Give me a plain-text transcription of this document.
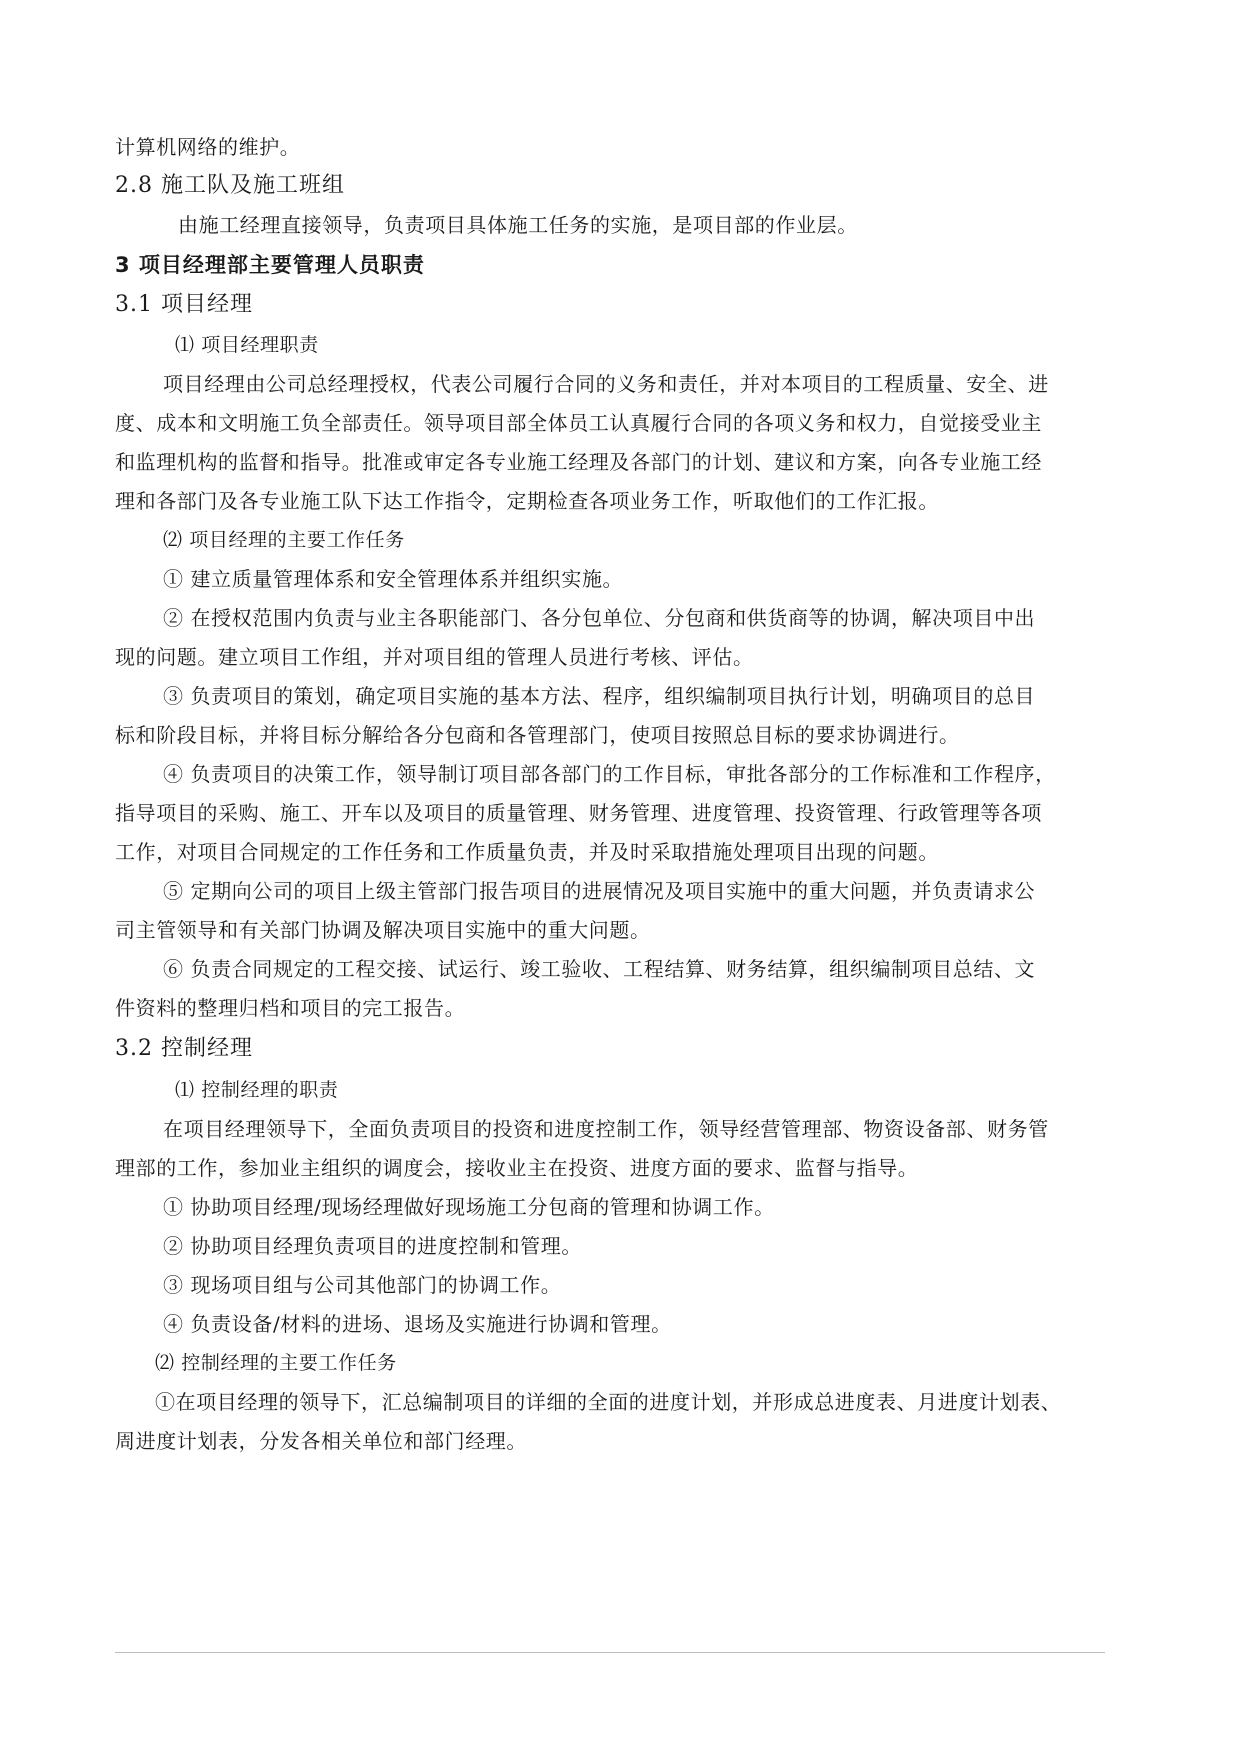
计算机网络的维护。
2.8 施工队及施工班组
由施工经理直接领导，负责项目具体施工任务的实施，是项目部的作业层。
3 项目经理部主要管理人员职责
3.1 项目经理
⑴ 项目经理职责
项目经理由公司总经理授权，代表公司履行合同的义务和责任，并对本项目的工程质量、安全、进
度、成本和文明施工负全部责任。领导项目部全体员工认真履行合同的各项义务和权力，自觉接受业主
和监理机构的监督和指导。批准或审定各专业施工经理及各部门的计划、建议和方案，向各专业施工经
理和各部门及各专业施工队下达工作指令，定期检查各项业务工作，听取他们的工作汇报。
⑵ 项目经理的主要工作任务
① 建立质量管理体系和安全管理体系并组织实施。
② 在授权范围内负责与业主各职能部门、各分包单位、分包商和供货商等的协调，解决项目中出
现的问题。建立项目工作组，并对项目组的管理人员进行考核、评估。
③ 负责项目的策划，确定项目实施的基本方法、程序，组织编制项目执行计划，明确项目的总目
标和阶段目标，并将目标分解给各分包商和各管理部门，使项目按照总目标的要求协调进行。
④ 负责项目的决策工作，领导制订项目部各部门的工作目标，审批各部分的工作标准和工作程序，
指导项目的采购、施工、开车以及项目的质量管理、财务管理、进度管理、投资管理、行政管理等各项
工作，对项目合同规定的工作任务和工作质量负责，并及时采取措施处理项目出现的问题。
⑤ 定期向公司的项目上级主管部门报告项目的进展情况及项目实施中的重大问题，并负责请求公
司主管领导和有关部门协调及解决项目实施中的重大问题。
⑥ 负责合同规定的工程交接、试运行、竣工验收、工程结算、财务结算，组织编制项目总结、文
件资料的整理归档和项目的完工报告。
3.2 控制经理
⑴ 控制经理的职责
在项目经理领导下，全面负责项目的投资和进度控制工作，领导经营管理部、物资设备部、财务管
理部的工作，参加业主组织的调度会，接收业主在投资、进度方面的要求、监督与指导。
① 协助项目经理/现场经理做好现场施工分包商的管理和协调工作。
② 协助项目经理负责项目的进度控制和管理。
③ 现场项目组与公司其他部门的协调工作。
④ 负责设备/材料的进场、退场及实施进行协调和管理。
⑵ 控制经理的主要工作任务
①在项目经理的领导下，汇总编制项目的详细的全面的进度计划，并形成总进度表、月进度计划表、
周进度计划表，分发各相关单位和部门经理。
